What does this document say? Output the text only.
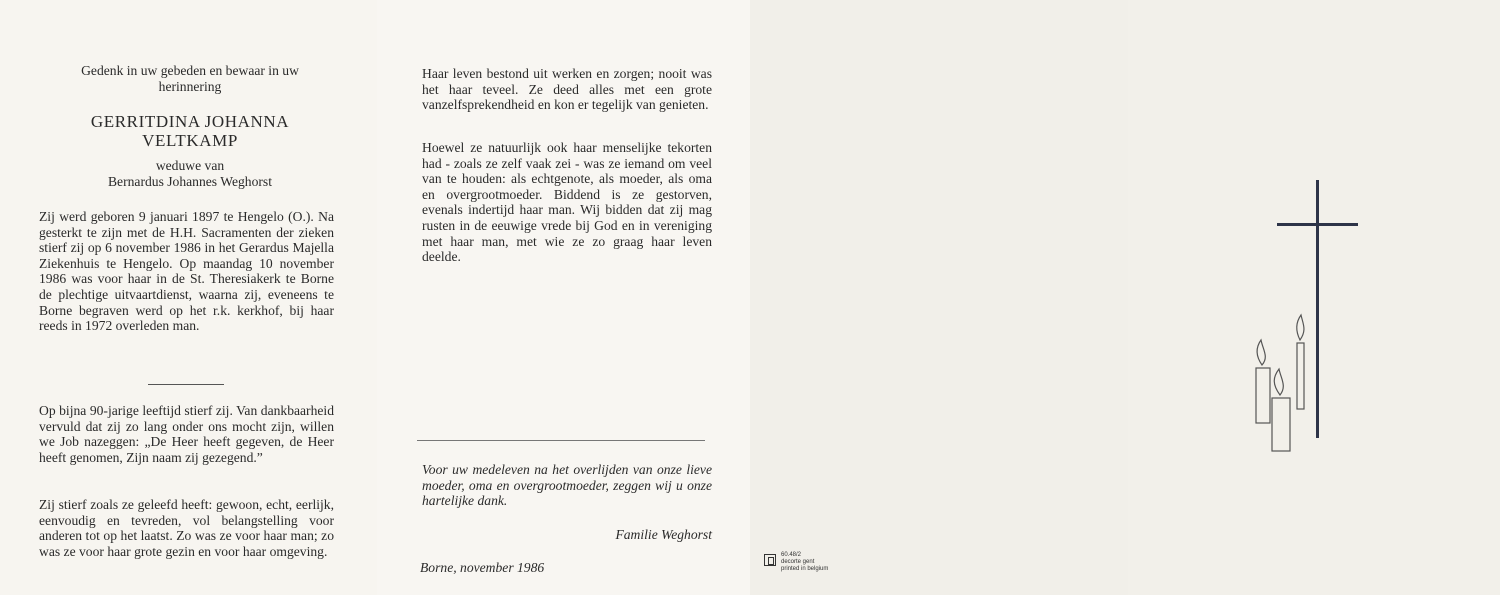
Gedenk in uw gebeden en bewaar in uw
herinnering
GERRITDINA JOHANNA
VELTKAMP
weduwe van
Bernardus Johannes Weghorst

Zij werd geboren 9 januari 1897 te Hengelo (O.). Na gesterkt te zijn met de H.H. Sacramenten der zieken stierf zij op 6 november 1986 in het Gerardus Majella Ziekenhuis te Hengelo. Op maandag 10 november 1986 was voor haar in de St. Theresiakerk te Borne de plechtige uitvaartdienst, waarna zij, eveneens te Borne begraven werd op het r.k. kerkhof, bij haar reeds in 1972 overleden man.

Op bijna 90-jarige leeftijd stierf zij. Van dankbaarheid vervuld dat zij zo lang onder ons mocht zijn, willen we Job nazeggen: „De Heer heeft gegeven, de Heer heeft genomen, Zijn naam zij gezegend.”

Zij stierf zoals ze geleefd heeft: gewoon, echt, eerlijk, eenvoudig en tevreden, vol belangstelling voor anderen tot op het laatst. Zo was ze voor haar man; zo was ze voor haar grote gezin en voor haar omgeving.

Haar leven bestond uit werken en zorgen; nooit was het haar teveel. Ze deed alles met een grote vanzelfsprekendheid en kon er tegelijk van genieten.

Hoewel ze natuurlijk ook haar menselijke tekorten had - zoals ze zelf vaak zei - was ze iemand om veel van te houden: als echtgenote, als moeder, als oma en overgrootmoeder. Biddend is ze gestorven, evenals indertijd haar man. Wij bidden dat zij mag rusten in de eeuwige vrede bij God en in vereniging met haar man, met wie ze zo graag haar leven deelde.

Voor uw medeleven na het overlijden van onze lieve moeder, oma en overgrootmoeder, zeggen wij u onze hartelijke dank.

Familie Weghorst
Borne, november 1986
60.48/2
decorte gent
printed in belgium
